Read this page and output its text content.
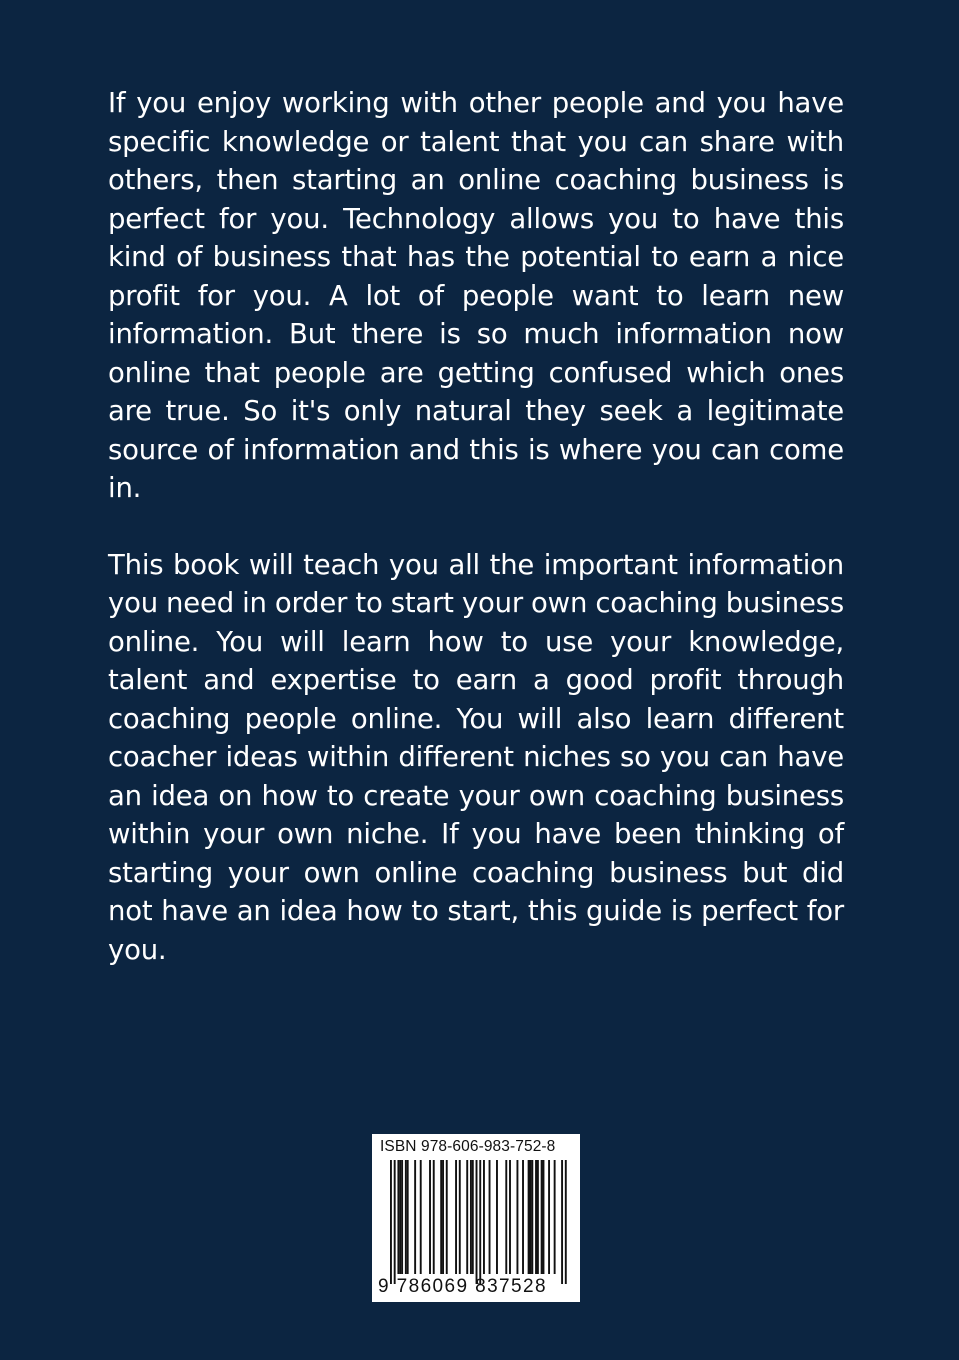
If you enjoy working with other people and you have specific knowledge or talent that you can share with others, then starting an online coaching business is perfect for you. Technology allows you to have this kind of business that has the potential to earn a nice profit for you. A lot of people want to learn new information. But there is so much information now online that people are getting confused which ones are true. So it's only natural they seek a legitimate source of information and this is where you can come in.

This book will teach you all the important information you need in order to start your own coaching business online. You will learn how to use your knowledge, talent and expertise to earn a good profit through coaching people online. You will also learn different coacher ideas within different niches so you can have an idea on how to create your own coaching business within your own niche. If you have been thinking of starting your own online coaching business but did not have an idea how to start, this guide is perfect for you.

ISBN 978-606-983-752-8
9 786069 837528
